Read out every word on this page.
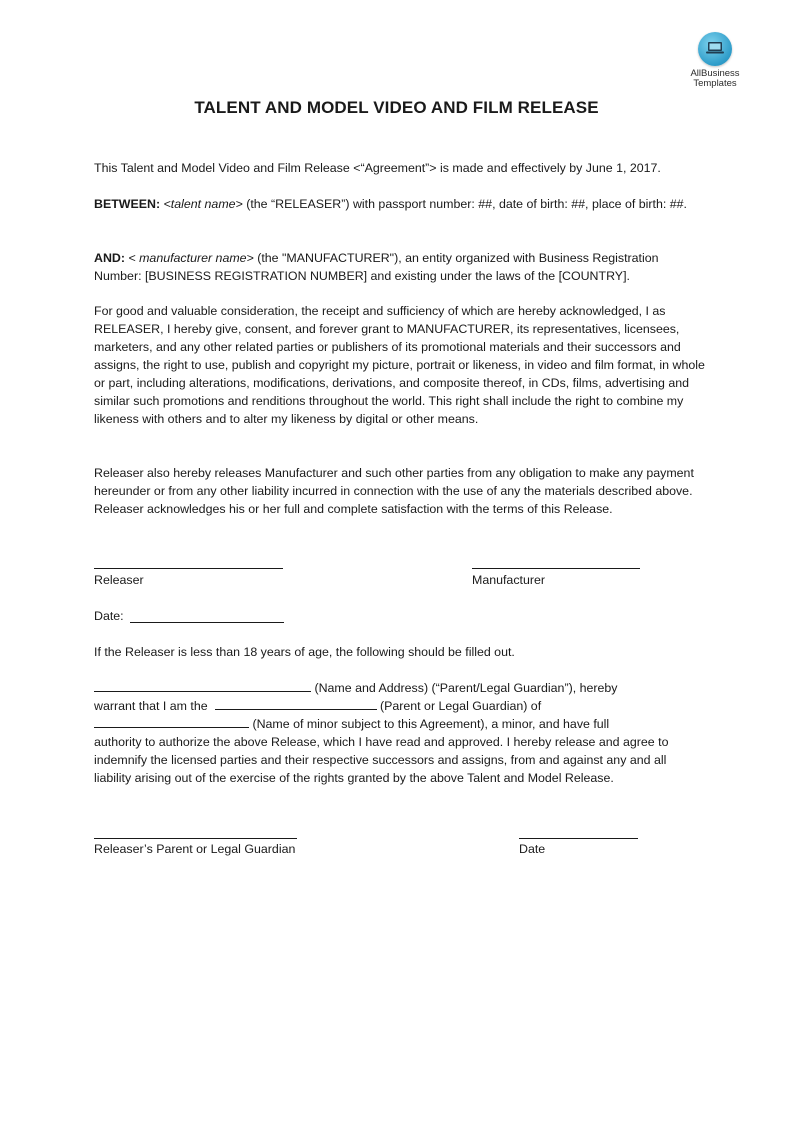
AllBusiness
Templates
TALENT AND MODEL VIDEO AND FILM RELEASE

This Talent and Model Video and Film Release <“Agreement”> is made and effectively by June 1, 2017.

BETWEEN: <talent name> (the “RELEASER”) with passport number: ##, date of birth: ##, place of birth: ##.

AND: < manufacturer name> (the "MANUFACTURER"), an entity organized with Business Registration Number: [BUSINESS REGISTRATION NUMBER] and existing under the laws of the [COUNTRY].

For good and valuable consideration, the receipt and sufficiency of which are hereby acknowledged, I as RELEASER, I hereby give, consent, and forever grant to MANUFACTURER, its representatives, licensees, marketers, and any other related parties or publishers of its promotional materials and their successors and assigns, the right to use, publish and copyright my picture, portrait or likeness, in video and film format, in whole or part, including alterations, modifications, derivations, and composite thereof, in CDs, films, advertising and similar such promotions and renditions throughout the world. This right shall include the right to combine my likeness with others and to alter my likeness by digital or other means.

Releaser also hereby releases Manufacturer and such other parties from any obligation to make any payment hereunder or from any other liability incurred in connection with the use of any the materials described above. Releaser acknowledges his or her full and complete satisfaction with the terms of this Release.

Releaser	Manufacturer
Date:

If the Releaser is less than 18 years of age, the following should be filled out.

(Name and Address) (“Parent/Legal Guardian”), hereby
warrant that I am the	(Parent or Legal Guardian) of
(Name of minor subject to this Agreement), a minor, and have full
authority to authorize the above Release, which I have read and approved. I hereby release and agree to indemnify the licensed parties and their respective successors and assigns, from and against any and all liability arising out of the exercise of the rights granted by the above Talent and Model Release.
Releaser’s Parent or Legal Guardian	Date
